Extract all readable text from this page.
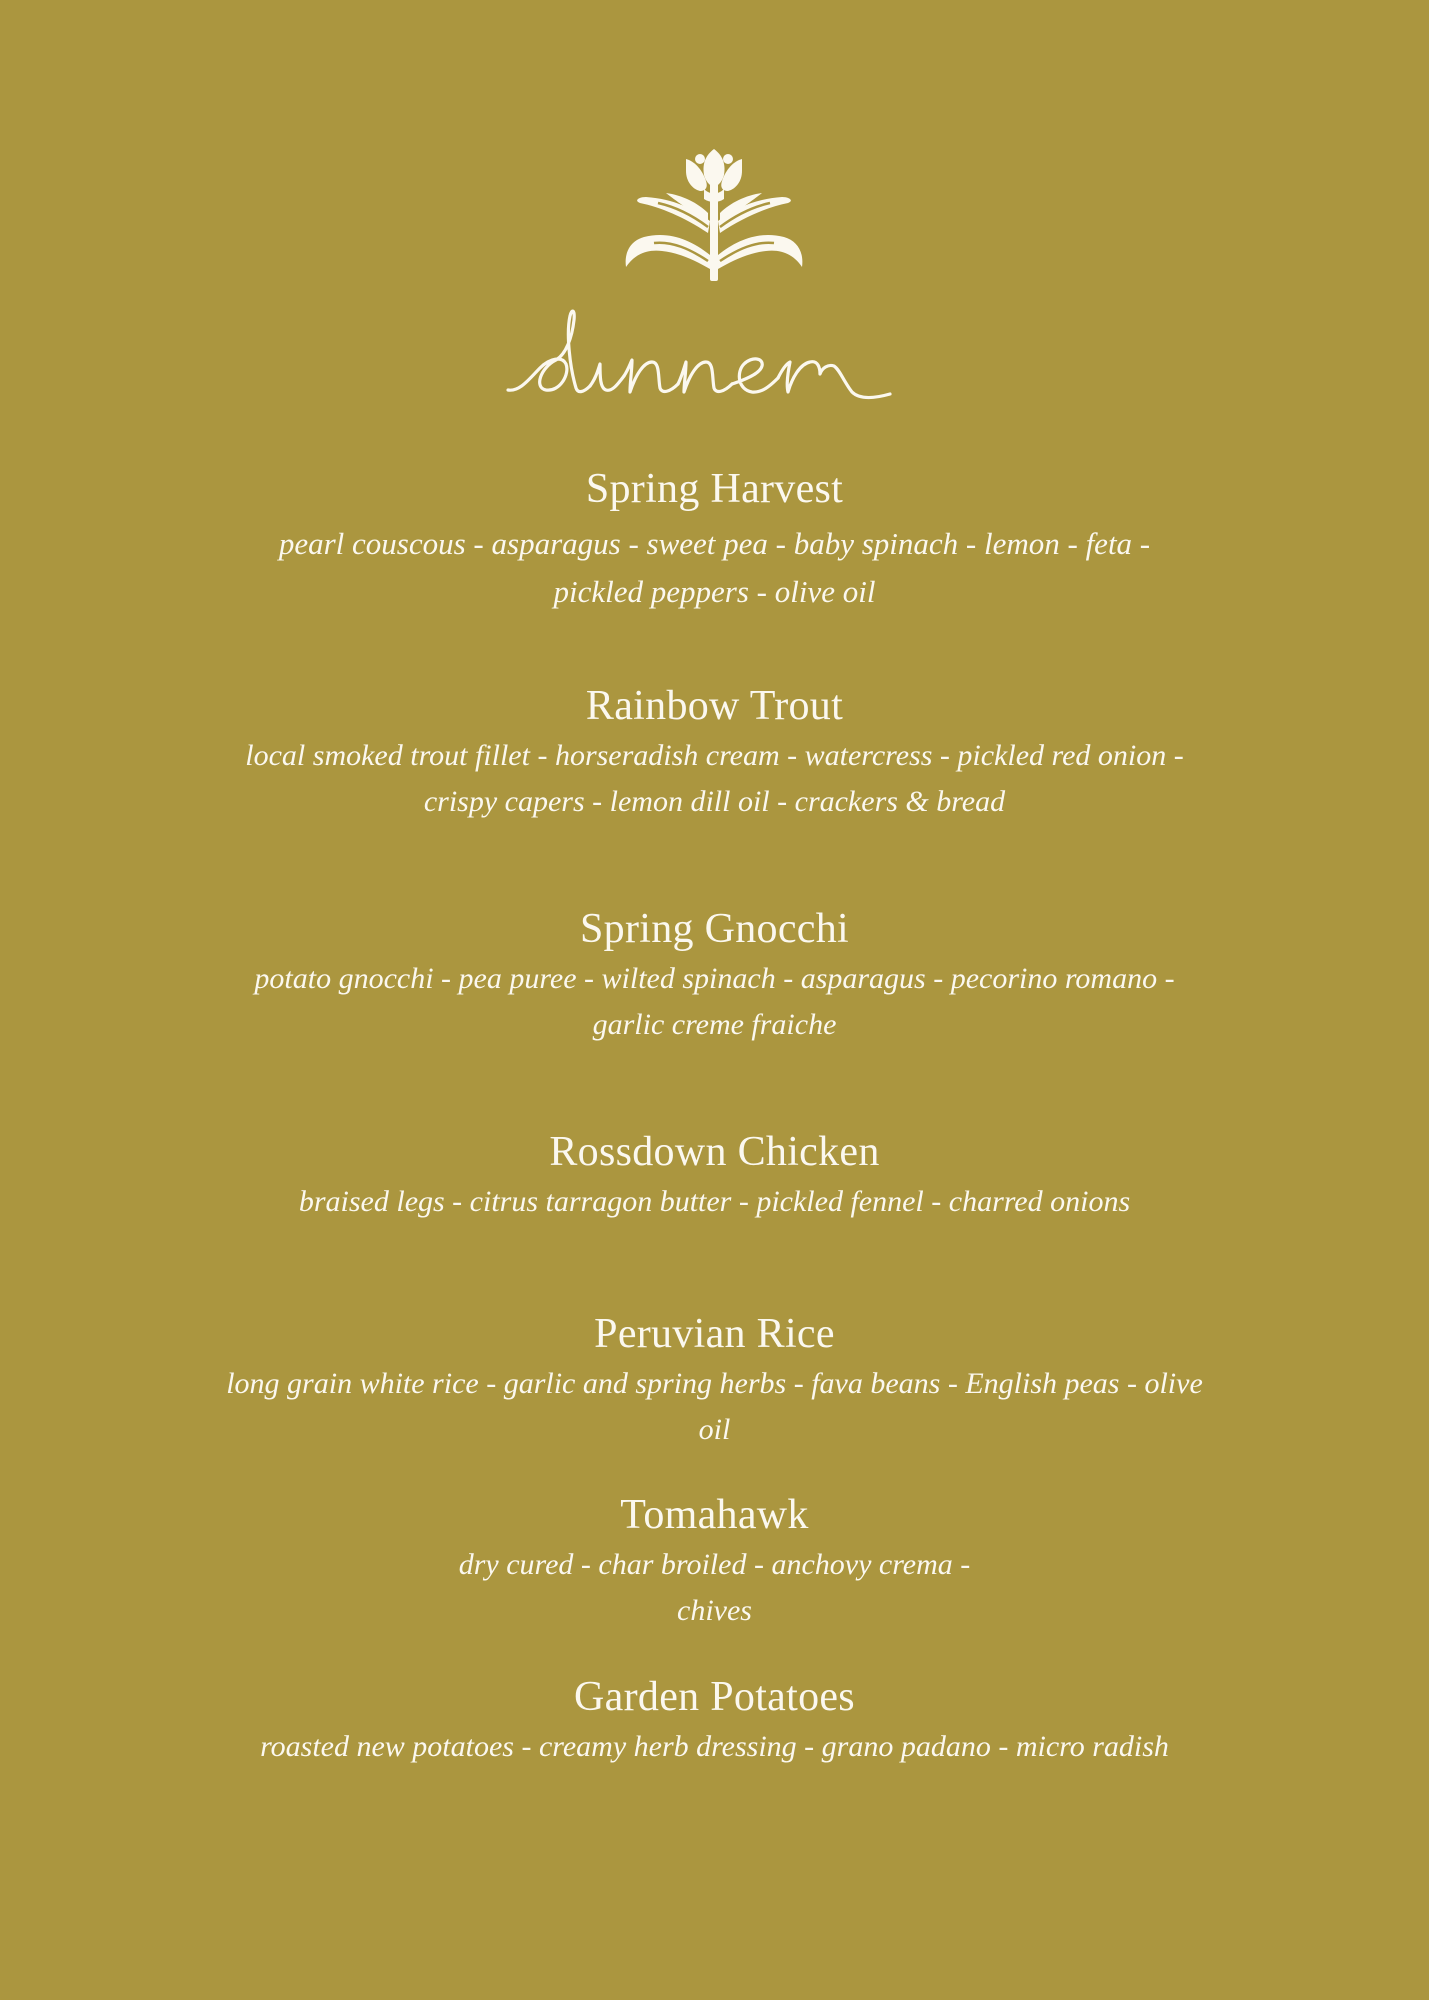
Spring Harvest
pearl couscous - asparagus - sweet pea - baby spinach - lemon - feta -
pickled peppers - olive oil
Rainbow Trout
local smoked trout fillet - horseradish cream - watercress - pickled red onion -
crispy capers - lemon dill oil - crackers & bread
Spring Gnocchi
potato gnocchi - pea puree - wilted spinach - asparagus - pecorino romano -
garlic creme fraiche
Rossdown Chicken
braised legs - citrus tarragon butter - pickled fennel - charred onions
Peruvian Rice
long grain white rice - garlic and spring herbs - fava beans - English peas - olive
oil
Tomahawk
dry cured - char broiled - anchovy crema -
chives
Garden Potatoes
roasted new potatoes - creamy herb dressing - grano padano - micro radish
